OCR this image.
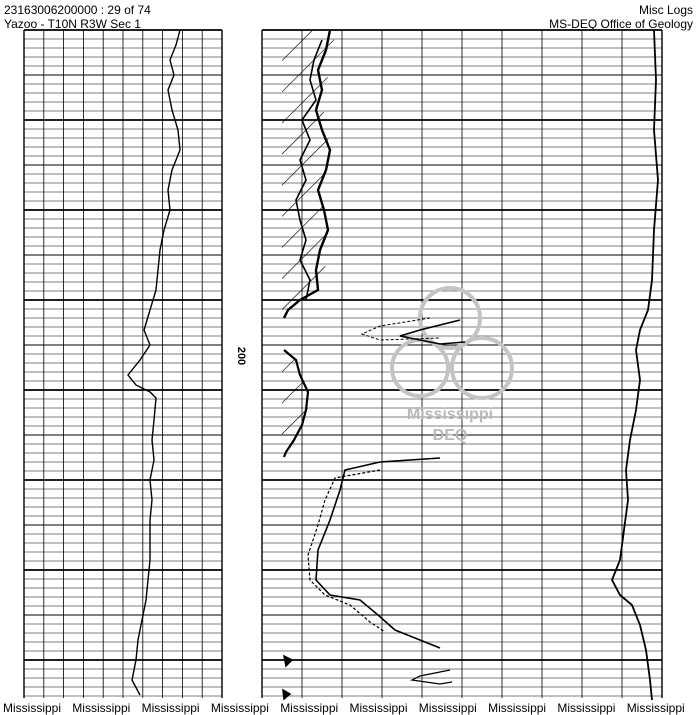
23163006200000 : 29 of 74
Yazoo - T10N R3W Sec 1
Misc Logs
MS-DEQ Office of Geology
Mississippi
DEQ
200
Mississippi Mississippi Mississippi Mississippi Mississippi Mississippi Mississippi Mississippi Mississippi Mississippi
